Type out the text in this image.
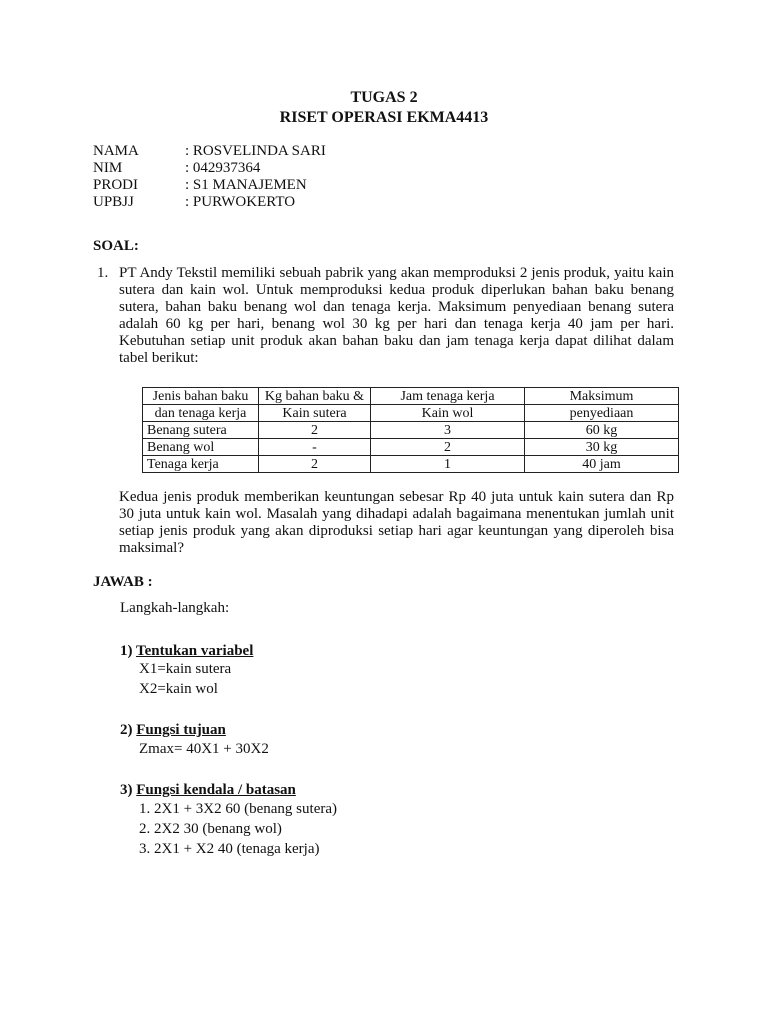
TUGAS 2
RISET OPERASI EKMA4413
NAMA	: ROSVELINDA SARI
NIM	: 042937364
PRODI	: S1 MANAJEMEN
UPBJJ	: PURWOKERTO
SOAL:
1. PT Andy Tekstil memiliki sebuah pabrik yang akan memproduksi 2 jenis produk, yaitu kain sutera dan kain wol. Untuk memproduksi kedua produk diperlukan bahan baku benang sutera, bahan baku benang wol dan tenaga kerja. Maksimum penyediaan benang sutera adalah 60 kg per hari, benang wol 30 kg per hari dan tenaga kerja 40 jam per hari. Kebutuhan setiap unit produk akan bahan baku dan jam tenaga kerja dapat dilihat dalam tabel berikut:
Jenis bahan baku	Kg bahan baku &	Jam tenaga kerja	Maksimum
dan tenaga kerja	Kain sutera	Kain wol	penyediaan
Benang sutera	2	3	60 kg
Benang wol	-	2	30 kg
Tenaga kerja	2	1	40 jam
Kedua jenis produk memberikan keuntungan sebesar Rp 40 juta untuk kain sutera dan Rp 30 juta untuk kain wol. Masalah yang dihadapi adalah bagaimana menentukan jumlah unit setiap jenis produk yang akan diproduksi setiap hari agar keuntungan yang diperoleh bisa maksimal?
JAWAB :
Langkah-langkah:
1) Tentukan variabel
X1=kain sutera
X2=kain wol
2) Fungsi tujuan
Zmax= 40X1 + 30X2
3) Fungsi kendala / batasan
1. 2X1 + 3X2 60 (benang sutera)
2. 2X2 30 (benang wol)
3. 2X1 + X2 40 (tenaga kerja)
